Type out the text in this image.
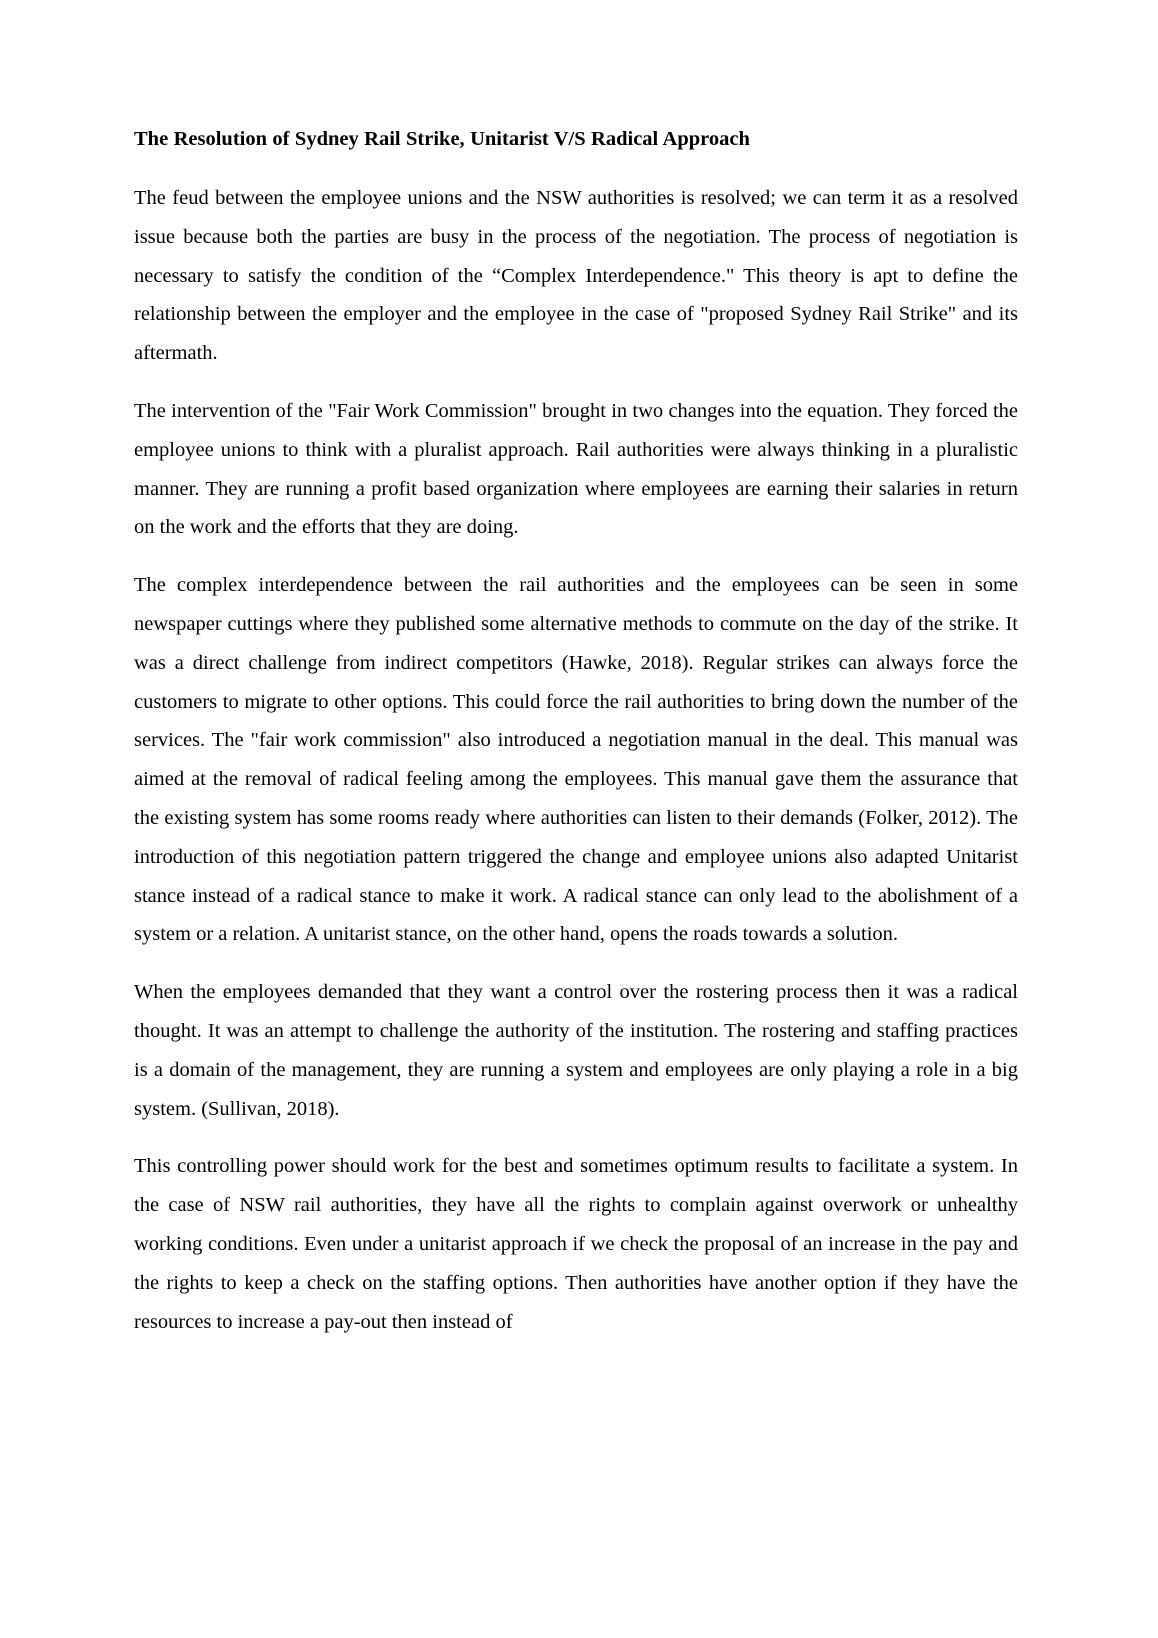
The Resolution of Sydney Rail Strike, Unitarist V/S Radical Approach

The feud between the employee unions and the NSW authorities is resolved; we can term it as a resolved issue because both the parties are busy in the process of the negotiation. The process of negotiation is necessary to satisfy the condition of the “Complex Interdependence." This theory is apt to define the relationship between the employer and the employee in the case of "proposed Sydney Rail Strike" and its aftermath.

The intervention of the "Fair Work Commission" brought in two changes into the equation. They forced the employee unions to think with a pluralist approach. Rail authorities were always thinking in a pluralistic manner. They are running a profit based organization where employees are earning their salaries in return on the work and the efforts that they are doing.

The complex interdependence between the rail authorities and the employees can be seen in some newspaper cuttings where they published some alternative methods to commute on the day of the strike. It was a direct challenge from indirect competitors (Hawke, 2018). Regular strikes can always force the customers to migrate to other options. This could force the rail authorities to bring down the number of the services. The "fair work commission" also introduced a negotiation manual in the deal. This manual was aimed at the removal of radical feeling among the employees. This manual gave them the assurance that the existing system has some rooms ready where authorities can listen to their demands (Folker, 2012). The introduction of this negotiation pattern triggered the change and employee unions also adapted Unitarist stance instead of a radical stance to make it work. A radical stance can only lead to the abolishment of a system or a relation. A unitarist stance, on the other hand, opens the roads towards a solution.

When the employees demanded that they want a control over the rostering process then it was a radical thought. It was an attempt to challenge the authority of the institution. The rostering and staffing practices is a domain of the management, they are running a system and employees are only playing a role in a big system. (Sullivan, 2018).

This controlling power should work for the best and sometimes optimum results to facilitate a system. In the case of NSW rail authorities, they have all the rights to complain against overwork or unhealthy working conditions. Even under a unitarist approach if we check the proposal of an increase in the pay and the rights to keep a check on the staffing options. Then authorities have another option if they have the resources to increase a pay-out then instead of
